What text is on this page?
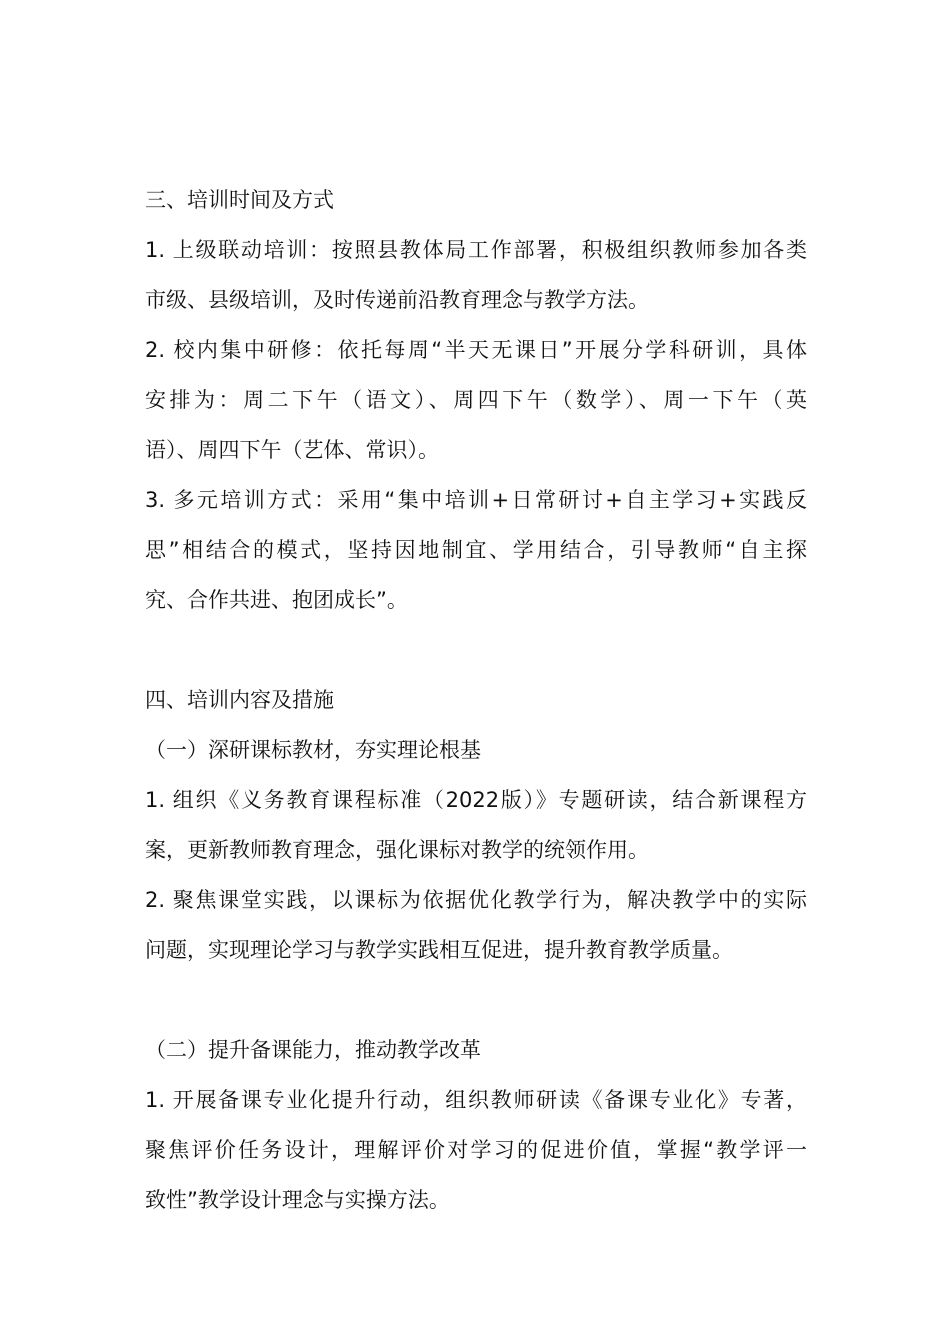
三、培训时间及方式
1. 上级联动培训：按照县教体局工作部署，积极组织教师参加各类
市级、县级培训，及时传递前沿教育理念与教学方法。
2. 校内集中研修：依托每周“半天无课日”开展分学科研训，具体
安排为：周二下午（语文）、周四下午（数学）、周一下午（英
语）、周四下午（艺体、常识）。
3. 多元培训方式：采用“集中培训+日常研讨+自主学习+实践反
思”相结合的模式，坚持因地制宜、学用结合，引导教师“自主探
究、合作共进、抱团成长”。
四、培训内容及措施
（一）深研课标教材，夯实理论根基
1. 组织《义务教育课程标准（2022版）》专题研读，结合新课程方
案，更新教师教育理念，强化课标对教学的统领作用。
2. 聚焦课堂实践，以课标为依据优化教学行为，解决教学中的实际
问题，实现理论学习与教学实践相互促进，提升教育教学质量。
（二）提升备课能力，推动教学改革
1. 开展备课专业化提升行动，组织教师研读《备课专业化》专著，
聚焦评价任务设计，理解评价对学习的促进价值，掌握“教学评一
致性”教学设计理念与实操方法。
